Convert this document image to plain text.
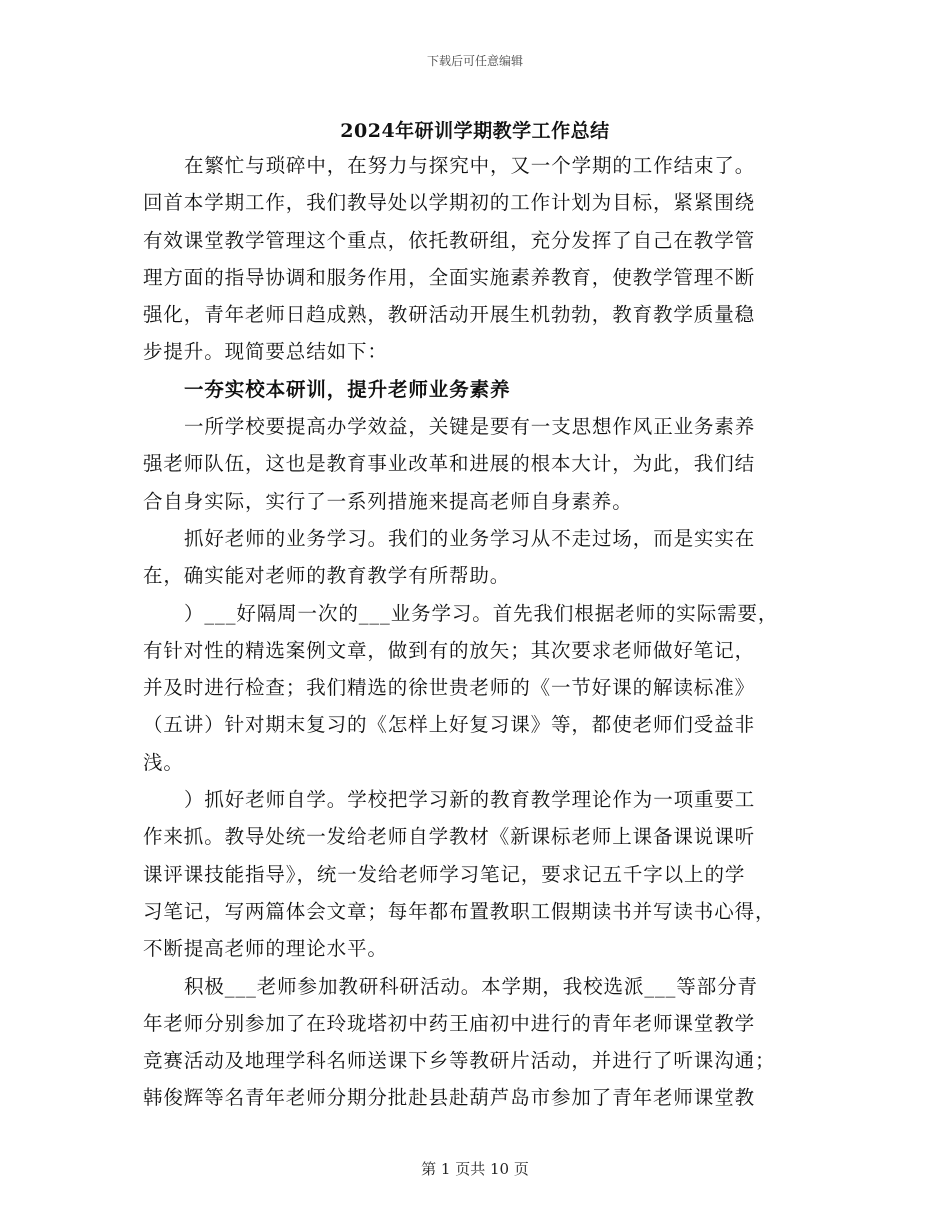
下载后可任意编辑
2024年研训学期教学工作总结
在繁忙与琐碎中，在努力与探究中，又一个学期的工作结束了。
回首本学期工作，我们教导处以学期初的工作计划为目标，紧紧围绕
有效课堂教学管理这个重点，依托教研组，充分发挥了自己在教学管
理方面的指导协调和服务作用，全面实施素养教育，使教学管理不断
强化，青年老师日趋成熟，教研活动开展生机勃勃，教育教学质量稳
步提升。现简要总结如下：
一夯实校本研训，提升老师业务素养
一所学校要提高办学效益，关键是要有一支思想作风正业务素养
强老师队伍，这也是教育事业改革和进展的根本大计，为此，我们结
合自身实际，实行了一系列措施来提高老师自身素养。
抓好老师的业务学习。我们的业务学习从不走过场，而是实实在
在，确实能对老师的教育教学有所帮助。
）___好隔周一次的___业务学习。首先我们根据老师的实际需要，
有针对性的精选案例文章，做到有的放矢；其次要求老师做好笔记，
并及时进行检查；我们精选的徐世贵老师的《一节好课的解读标准》
（五讲）针对期末复习的《怎样上好复习课》等，都使老师们受益非
浅。
）抓好老师自学。学校把学习新的教育教学理论作为一项重要工
作来抓。教导处统一发给老师自学教材《新课标老师上课备课说课听
课评课技能指导》，统一发给老师学习笔记，要求记五千字以上的学
习笔记，写两篇体会文章；每年都布置教职工假期读书并写读书心得，
不断提高老师的理论水平。
积极___老师参加教研科研活动。本学期，我校选派___等部分青
年老师分别参加了在玲珑塔初中药王庙初中进行的青年老师课堂教学
竞赛活动及地理学科名师送课下乡等教研片活动，并进行了听课沟通；
韩俊辉等名青年老师分期分批赴县赴葫芦岛市参加了青年老师课堂教
第 1 页共 10 页
